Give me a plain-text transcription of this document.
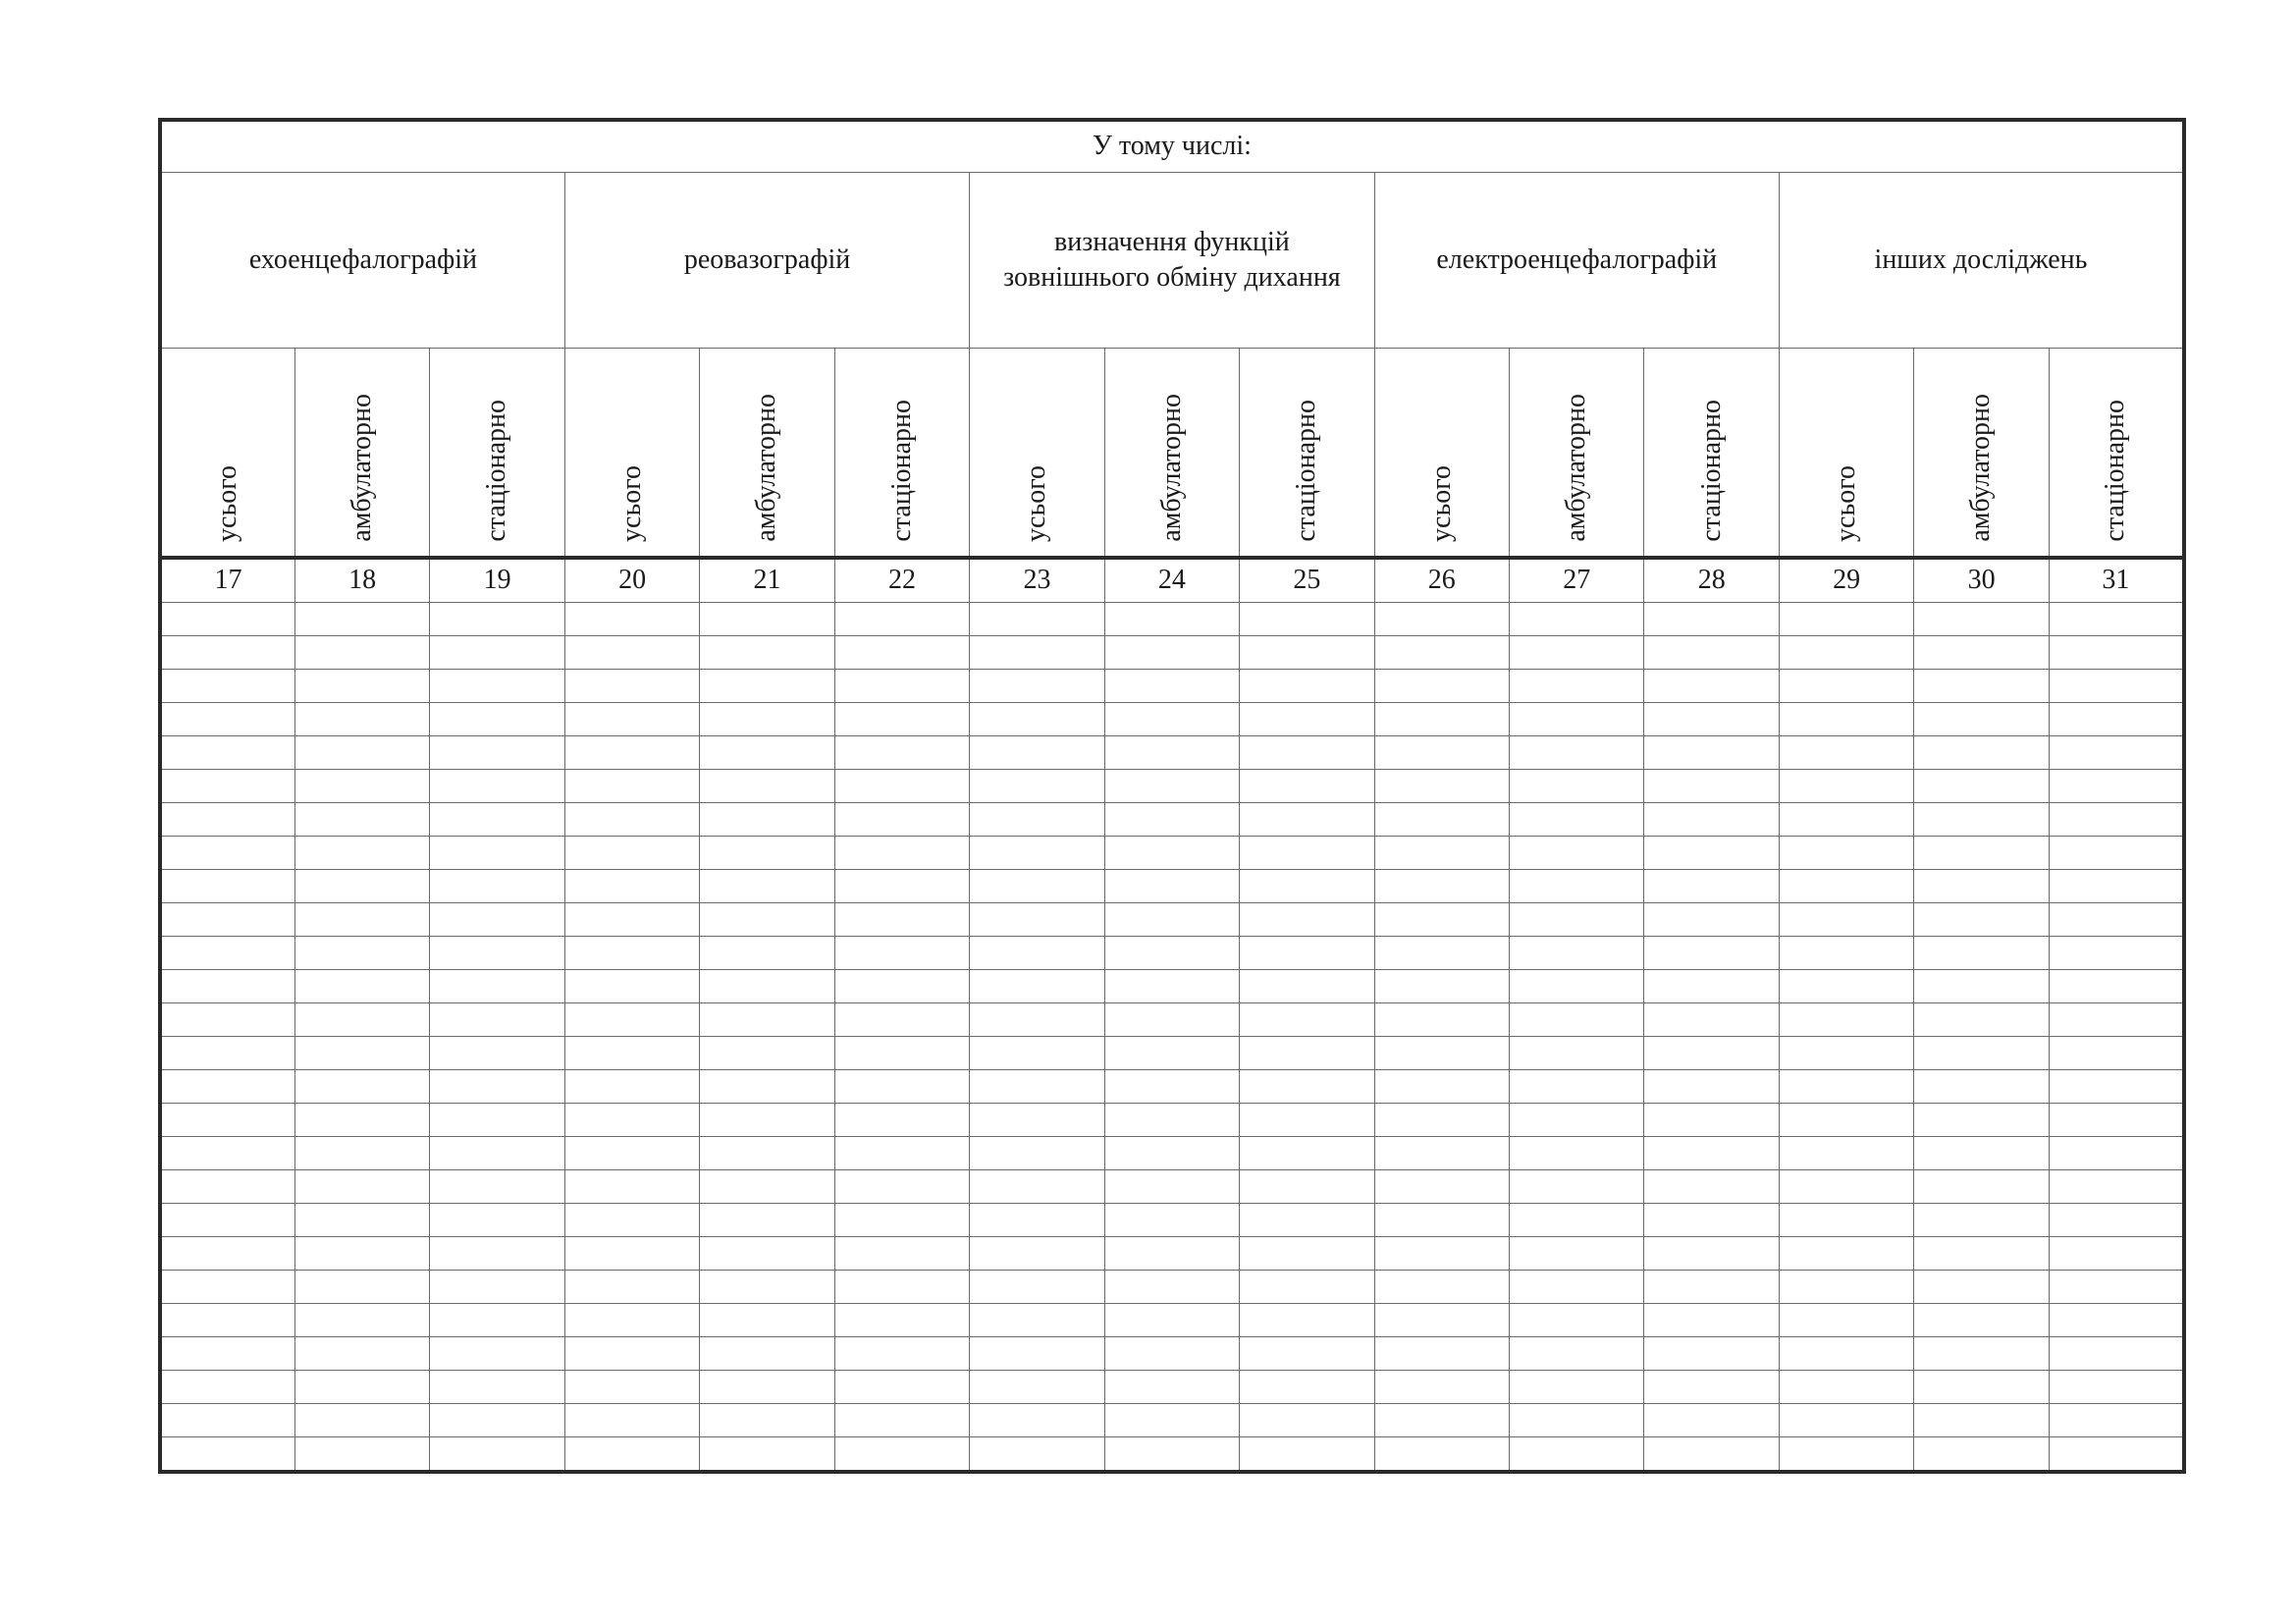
У тому числі:														
ехоенцефалографій			реовазографій			визначення функцій зовнішнього обміну дихання			електроенцефалографій			інших досліджень		

усього	амбулаторно	стаціонарно	усього	амбулаторно	стаціонарно	усього	амбулаторно	стаціонарно	усього	амбулаторно	стаціонарно	усього	амбулаторно	стаціонарно

17	18	19	20	21	22	23	24	25	26	27	28	29	30	31
